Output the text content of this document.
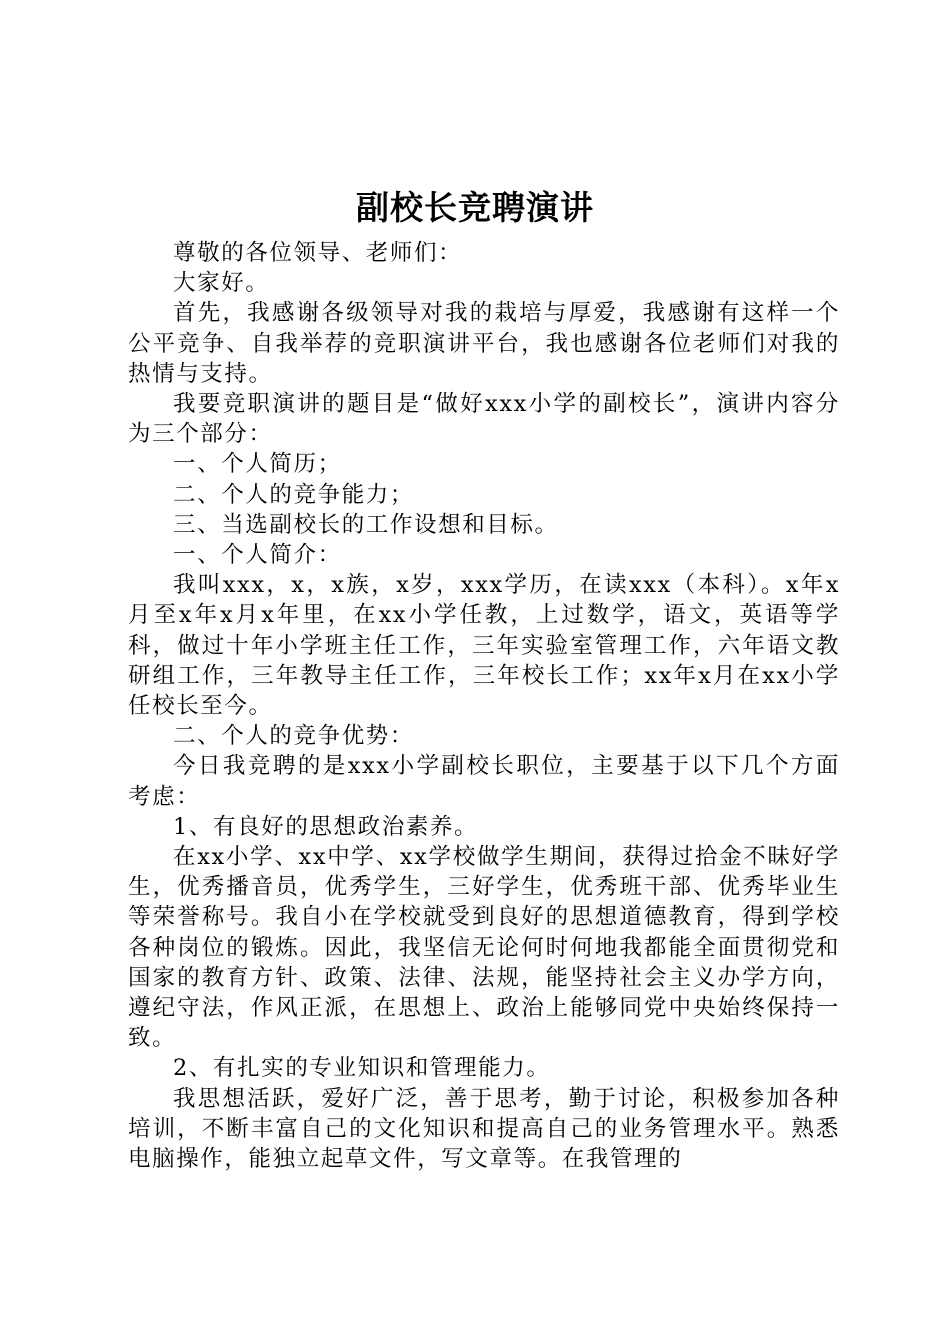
副校长竞聘演讲

尊敬的各位领导、老师们：

大家好。

首先，我感谢各级领导对我的栽培与厚爱，我感谢有这样一个公平竞争、自我举荐的竞职演讲平台，我也感谢各位老师们对我的热情与支持。

我要竞职演讲的题目是“做好xxx小学的副校长”，演讲内容分为三个部分：

一、个人简历；

二、个人的竞争能力；

三、当选副校长的工作设想和目标。

一、个人简介：

我叫xxx，x，x族，x岁，xxx学历，在读xxx（本科）。x年x月至x年x月x年里，在xx小学任教，上过数学，语文，英语等学科，做过十年小学班主任工作，三年实验室管理工作，六年语文教研组工作，三年教导主任工作，三年校长工作；xx年x月在xx小学任校长至今。

二、个人的竞争优势：

今日我竞聘的是xxx小学副校长职位，主要基于以下几个方面考虑：

1、有良好的思想政治素养。

在xx小学、xx中学、xx学校做学生期间，获得过拾金不昧好学生，优秀播音员，优秀学生，三好学生，优秀班干部、优秀毕业生等荣誉称号。我自小在学校就受到良好的思想道德教育，得到学校各种岗位的锻炼。因此，我坚信无论何时何地我都能全面贯彻党和国家的教育方针、政策、法律、法规，能坚持社会主义办学方向，遵纪守法，作风正派，在思想上、政治上能够同党中央始终保持一致。

2、有扎实的专业知识和管理能力。

我思想活跃，爱好广泛，善于思考，勤于讨论，积极参加各种培训，不断丰富自己的文化知识和提高自己的业务管理水平。熟悉电脑操作，能独立起草文件，写文章等。在我管理的
